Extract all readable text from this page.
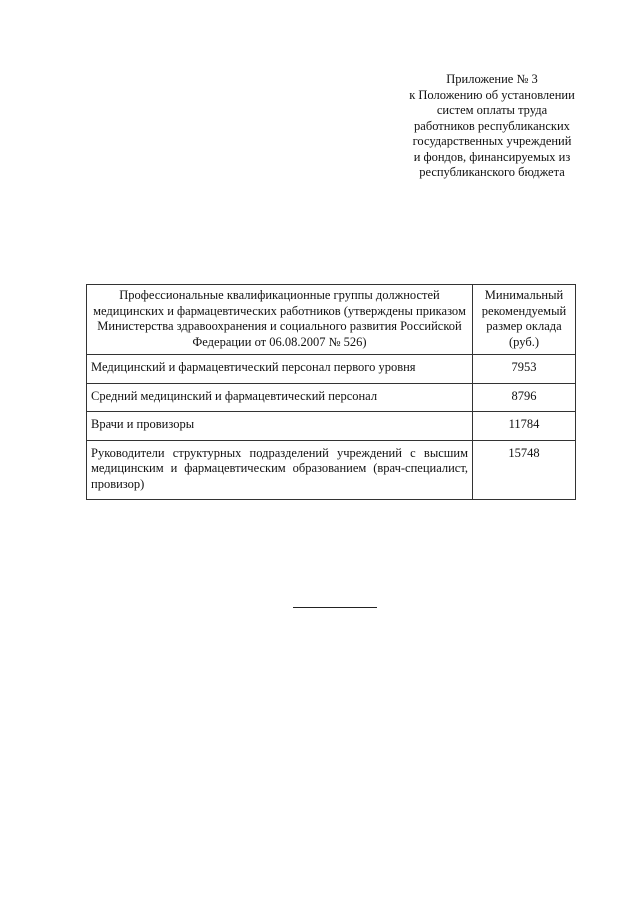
Приложение № 3
к Положению об установлении
систем оплаты труда
работников республиканских
государственных учреждений
и фондов, финансируемых из
республиканского бюджета
Профессиональные квалификационные группы должностей медицинских и фармацевтических работников (утверждены приказом Министерства здравоохранения и социального развития Российской Федерации от 06.08.2007 № 526)	Минимальный рекомендуемый размер оклада (руб.)
Медицинский и фармацевтический персонал первого уровня	7953
Средний медицинский и фармацевтический персонал	8796
Врачи и провизоры	11784
Руководители структурных подразделений учреждений с высшим медицинским и фармацевтическим образованием (врач-специалист, провизор)	15748
